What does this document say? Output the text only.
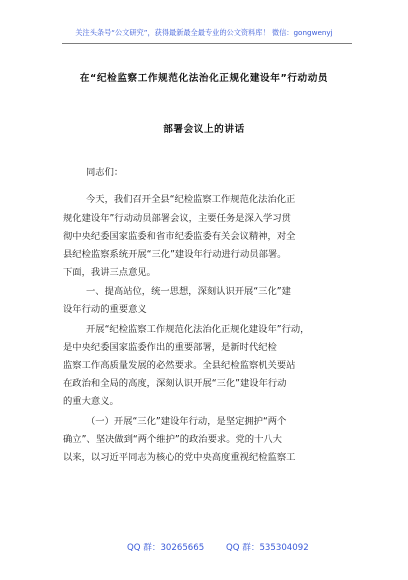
关注头条号“公文研究”，获得最新最全最专业的公文资料库！ 微信：gongwenyj
在“纪检监察工作规范化法治化正规化建设年”行动动员
部署会议上的讲话
同志们：
今天，我们召开全县“纪检监察工作规范化法治化正
规化建设年”行动动员部署会议，主要任务是深入学习贯
彻中央纪委国家监委和省市纪委监委有关会议精神，对全
县纪检监察系统开展“三化”建设年行动进行动员部署。
下面，我讲三点意见。
一、提高站位，统一思想，深刻认识开展“三化”建
设年行动的重要意义
开展“纪检监察工作规范化法治化正规化建设年”行动，
是中央纪委国家监委作出的重要部署，是新时代纪检
监察工作高质量发展的必然要求。全县纪检监察机关要站
在政治和全局的高度，深刻认识开展“三化”建设年行动
的重大意义。
（一）开展“三化”建设年行动，是坚定拥护“两个
确立”、坚决做到“两个维护”的政治要求。党的十八大
以来，以习近平同志为核心的党中央高度重视纪检监察工
QQ 群：30265665	QQ 群：535304092
